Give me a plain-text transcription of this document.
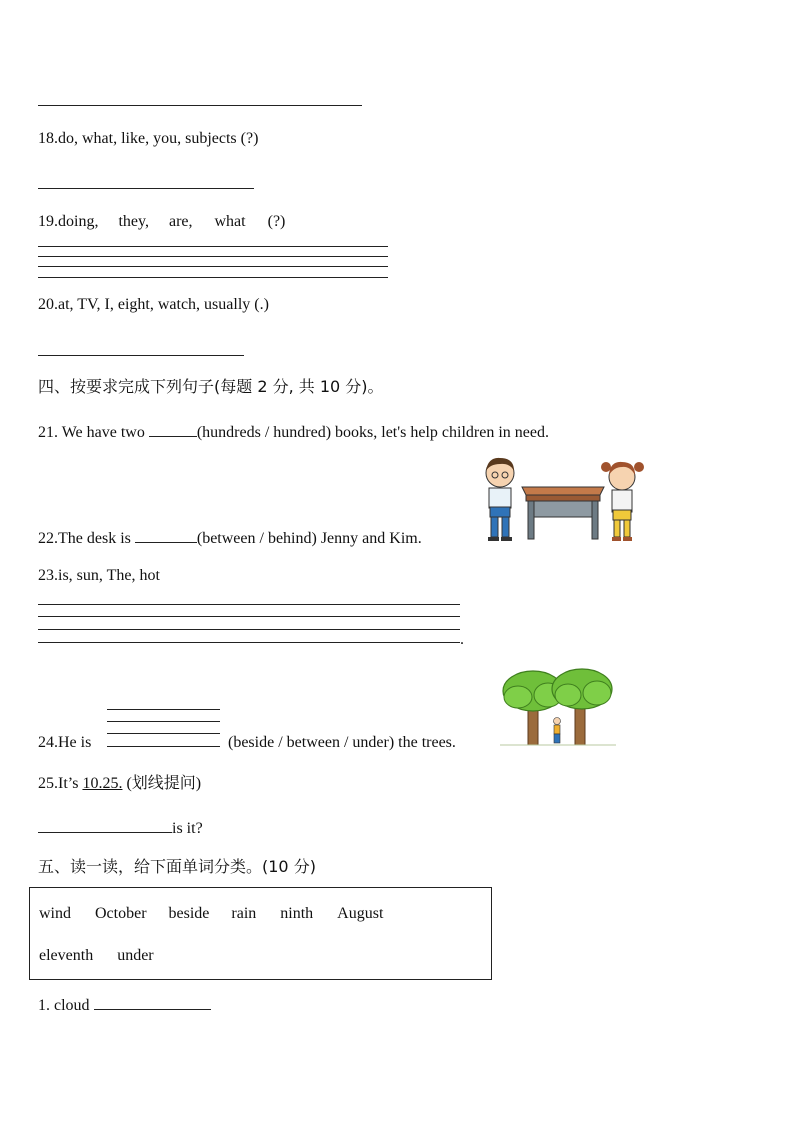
18.do, what, like, you, subjects (?)
19.doing, they, are, what (?)
20.at, TV, I, eight, watch, usually (.)
四、按要求完成下列句子(每题 2 分, 共 10 分)。
21. We have two	(hundreds / hundred) books, let's help children in need.
22.The desk is	(between / behind) Jenny and Kim.
23.is, sun, The, hot
.
24.He is	(beside / between / under) the trees.
25.It’s 10.25. (划线提问)
is it?
五、读一读，给下面单词分类。(10 分)
wind October beside rain ninth August
eleventh under
1. cloud
